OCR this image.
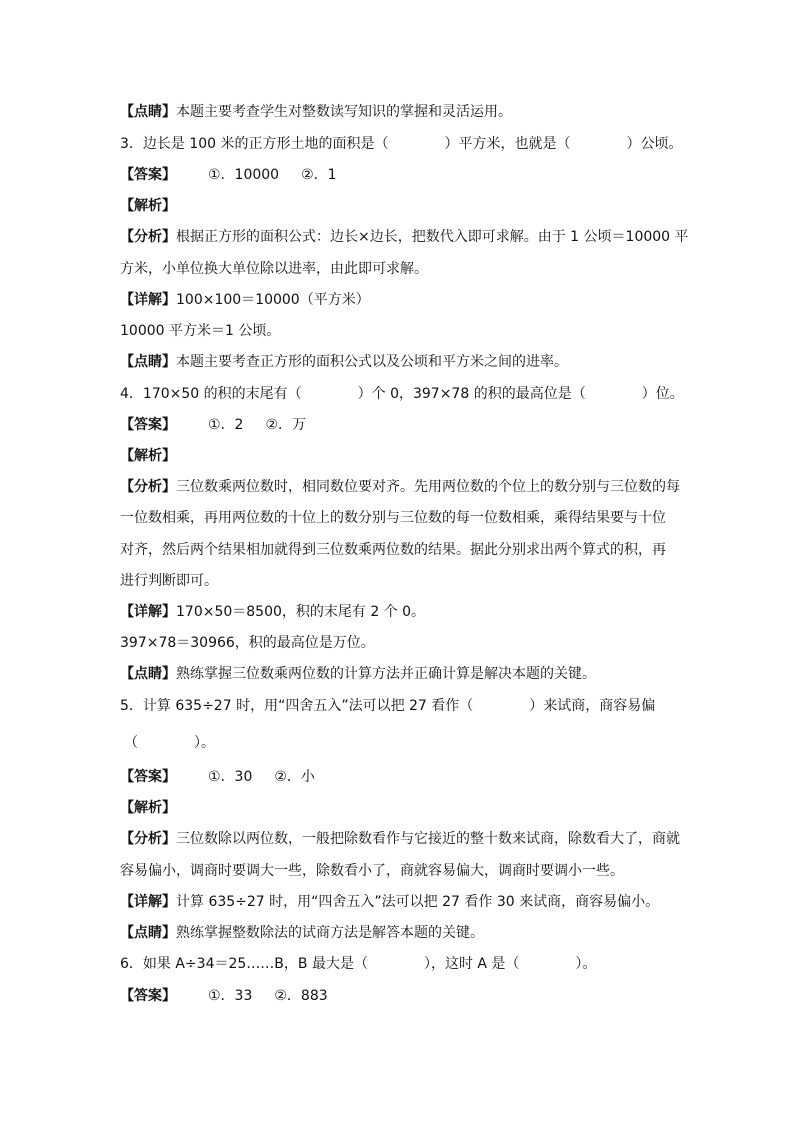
【点睛】本题主要考查学生对整数读写知识的掌握和灵活运用。
3．边长是 100 米的正方形土地的面积是（　　　　）平方米，也就是（　　　　）公顷。
【答案】 ①．10000 ②．1
【解析】
【分析】根据正方形的面积公式：边长×边长，把数代入即可求解。由于 1 公顷＝10000 平
方米，小单位换大单位除以进率，由此即可求解。
【详解】100×100＝10000（平方米）
10000 平方米＝1 公顷。
【点睛】本题主要考查正方形的面积公式以及公顷和平方米之间的进率。
4．170×50 的积的末尾有（　　　　）个 0，397×78 的积的最高位是（　　　　）位。
【答案】 ①．2 ②．万
【解析】
【分析】三位数乘两位数时，相同数位要对齐。先用两位数的个位上的数分别与三位数的每
一位数相乘，再用两位数的十位上的数分别与三位数的每一位数相乘，乘得结果要与十位
对齐，然后两个结果相加就得到三位数乘两位数的结果。据此分别求出两个算式的积，再
进行判断即可。
【详解】170×50＝8500，积的末尾有 2 个 0。
397×78＝30966，积的最高位是万位。
【点睛】熟练掌握三位数乘两位数的计算方法并正确计算是解决本题的关键。
5．计算 635÷27 时，用“四舍五入”法可以把 27 看作（　　　　）来试商，商容易偏
（　　　　）。
【答案】 ①．30 ②．小
【解析】
【分析】三位数除以两位数，一般把除数看作与它接近的整十数来试商，除数看大了，商就
容易偏小，调商时要调大一些，除数看小了，商就容易偏大，调商时要调小一些。
【详解】计算 635÷27 时，用“四舍五入”法可以把 27 看作 30 来试商，商容易偏小。
【点睛】熟练掌握整数除法的试商方法是解答本题的关键。
6．如果 A÷34＝25……B，B 最大是（　　　　），这时 A 是（　　　　）。
【答案】 ①．33 ②．883
